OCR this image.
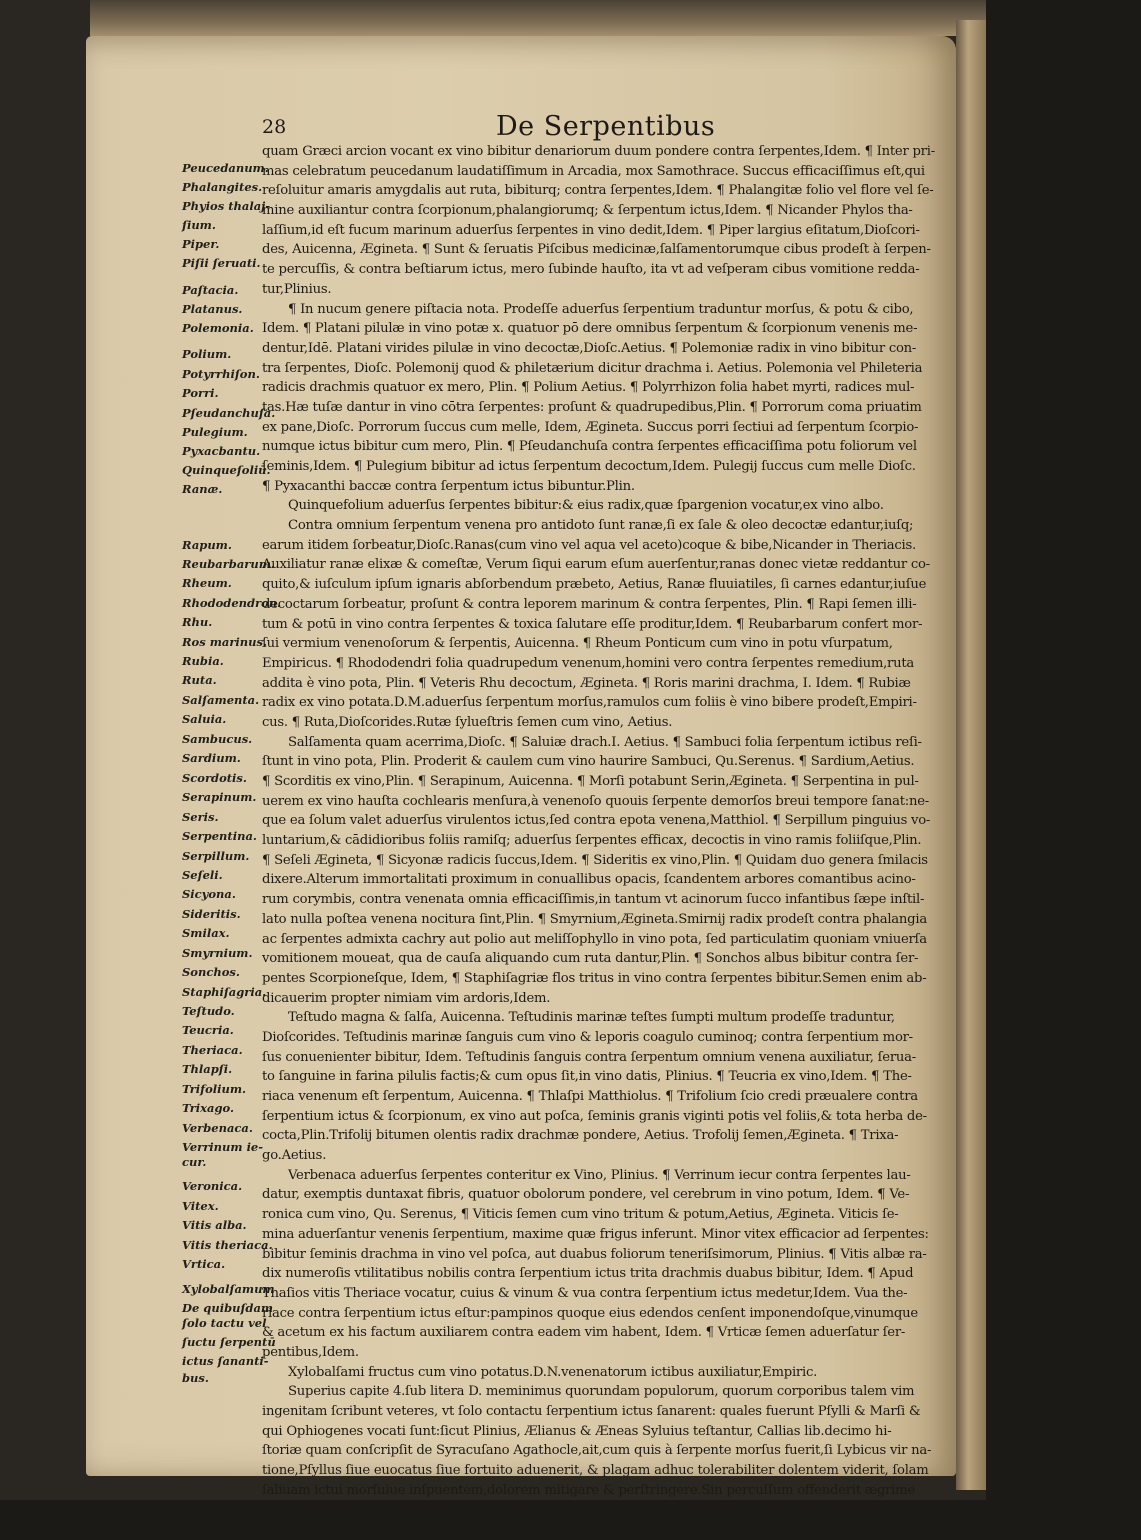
28	De Serpentibus
Peucedanum.
Phalangites.
Phyios thalaj-
ſium.
Piper.
Piſii ſeruati.
Paſtacia.
Platanus.
Polemonia.
Polium.
Potyrrhiſon.
Porri.
Pſeudanchuſa.
Pulegium.
Pyxacbantu.
Quinqueſoliū.
Ranæ.
Rapum.
Reubarbarum.
Rheum.
Rhododendron.
Rhu.
Ros marinus.
Rubia.
Ruta.
Salſamenta.
Saluia.
Sambucus.
Sardium.
Scordotis.
Serapinum.
Seris.
Serpentina.
Serpillum.
Seſeli.
Sicyona.
Sideritis.
Smilax.
Smyrnium.
Sonchos.
Staphiſagria.
Teſtudo.
Teucria.
Theriaca.
Thlapſi.
Trifolium.
Trixago.
Verbenaca.
Verrinum ie-
cur.
Veronica.
Vitex.
Vitis alba.
Vitis theriaca.
Vrtica.
Xylobalſamum
De quibuſdam
ſolo tactu vel
ſuctu ſerpentū
ictus ſananti-
bus.
10
20
30
40
50
60
70
quam Græci arcion vocant ex vino bibitur denariorum duum pondere contra ſerpentes,Idem. ¶ Inter pri-
mas celebratum peucedanum laudatiſſimum in Arcadia, mox Samothrace. Succus efficaciſſimus eſt,qui
reſoluitur amaris amygdalis aut ruta, bibiturq; contra ſerpentes,Idem. ¶ Phalangitæ folio vel flore vel ſe-
mine auxiliantur contra ſcorpionum,phalangiorumq; & ſerpentum ictus,Idem. ¶ Nicander Phylos tha-
laſſium,id eſt fucum marinum aduerſus ſerpentes in vino dedit,Idem. ¶ Piper largius eſitatum,Dioſcori-
des, Auicenna, Ægineta. ¶ Sunt & ſeruatis Piſcibus medicinæ,ſalſamentorumque cibus prodeſt à ſerpen-
te percuſſis, & contra beſtiarum ictus, mero ſubinde hauſto, ita vt ad veſperam cibus vomitione redda-
tur,Plinius.
¶ In nucum genere piſtacia nota. Prodeſſe aduerſus ſerpentium traduntur morſus, & potu & cibo,
Idem. ¶ Platani pilulæ in vino potæ x. quatuor pō dere omnibus ſerpentum & ſcorpionum venenis me-
dentur,Idē. Platani virides pilulæ in vino decoctæ,Dioſc.Aetius. ¶ Polemoniæ radix in vino bibitur con-
tra ſerpentes, Dioſc. Polemonij quod & philetærium dicitur drachma i. Aetius. Polemonia vel Phileteria
radicis drachmis quatuor ex mero, Plin. ¶ Polium Aetius. ¶ Polyrrhizon folia habet myrti, radices mul-
tas.Hæ tuſæ dantur in vino cōtra ſerpentes: proſunt & quadrupedibus,Plin. ¶ Porrorum coma priuatim
ex pane,Dioſc. Porrorum ſuccus cum melle, Idem, Ægineta. Succus porri ſectiui ad ſerpentum ſcorpio-
numque ictus bibitur cum mero, Plin. ¶ Pſeudanchuſa contra ſerpentes efficaciſſima potu foliorum vel
ſeminis,Idem. ¶ Pulegium bibitur ad ictus ſerpentum decoctum,Idem. Pulegij ſuccus cum melle Dioſc.
¶ Pyxacanthi baccæ contra ſerpentum ictus bibuntur.Plin.
Quinquefolium aduerſus ſerpentes bibitur:& eius radix,quæ ſpargenion vocatur,ex vino albo.
Contra omnium ſerpentum venena pro antidoto ſunt ranæ,ſi ex ſale & oleo decoctæ edantur,iuſq;
earum itidem ſorbeatur,Dioſc.Ranas(cum vino vel aqua vel aceto)coque & bibe,Nicander in Theriacis.
Auxiliatur ranæ elixæ & comeſtæ, Verum ſiqui earum eſum auerſentur,ranas donec vietæ reddantur co-
quito,& iuſculum ipſum ignaris abſorbendum præbeto, Aetius, Ranæ fluuiatiles, ſi carnes edantur,iuſue
decoctarum ſorbeatur, proſunt & contra leporem marinum & contra ſerpentes, Plin. ¶ Rapi ſemen illi-
tum & potū in vino contra ſerpentes & toxica ſalutare eſſe proditur,Idem. ¶ Reubarbarum confert mor-
ſui vermium venenoſorum & ſerpentis, Auicenna. ¶ Rheum Ponticum cum vino in potu vſurpatum,
Empiricus. ¶ Rhododendri folia quadrupedum venenum,homini vero contra ſerpentes remedium,ruta
addita è vino pota, Plin. ¶ Veteris Rhu decoctum, Ægineta. ¶ Roris marini drachma, I. Idem. ¶ Rubiæ
radix ex vino potata.D.M.aduerſus ſerpentum morſus,ramulos cum foliis è vino bibere prodeſt,Empiri-
cus. ¶ Ruta,Dioſcorides.Rutæ ſylueſtris ſemen cum vino, Aetius.
Salſamenta quam acerrima,Dioſc. ¶ Saluiæ drach.I. Aetius. ¶ Sambuci folia ſerpentum ictibus reſi-
ſtunt in vino pota, Plin. Proderit & caulem cum vino haurire Sambuci, Qu.Serenus. ¶ Sardium,Aetius.
¶ Scorditis ex vino,Plin. ¶ Serapinum, Auicenna. ¶ Morſi potabunt Serin,Ægineta. ¶ Serpentina in pul-
uerem ex vino hauſta cochlearis menſura,à venenoſo quouis ſerpente demorſos breui tempore ſanat:ne-
que ea ſolum valet aduerſus virulentos ictus,ſed contra epota venena,Matthiol. ¶ Serpillum pinguius vo-
luntarium,& cādidioribus foliis ramiſq; aduerſus ſerpentes efficax, decoctis in vino ramis foliiſque,Plin.
¶ Seſeli Ægineta, ¶ Sicyonæ radicis ſuccus,Idem. ¶ Sideritis ex vino,Plin. ¶ Quidam duo genera ſmilacis
dixere.Alterum immortalitati proximum in conuallibus opacis, ſcandentem arbores comantibus acino-
rum corymbis, contra venenata omnia efficaciſſimis,in tantum vt acinorum ſucco infantibus ſæpe inſtil-
lato nulla poſtea venena nocitura ſint,Plin. ¶ Smyrnium,Ægineta.Smirnij radix prodeſt contra phalangia
ac ſerpentes admixta cachry aut polio aut meliſſophyllo in vino pota, ſed particulatim quoniam vniuerſa
vomitionem moueat, qua de cauſa aliquando cum ruta dantur,Plin. ¶ Sonchos albus bibitur contra ſer-
pentes Scorpioneſque, Idem, ¶ Staphiſagriæ flos tritus in vino contra ſerpentes bibitur.Semen enim ab-
dicauerim propter nimiam vim ardoris,Idem.
Teſtudo magna & ſalſa, Auicenna. Teſtudinis marinæ teſtes ſumpti multum prodeſſe traduntur,
Dioſcorides. Teſtudinis marinæ ſanguis cum vino & leporis coagulo cuminoq; contra ſerpentium mor-
ſus conuenienter bibitur, Idem. Teſtudinis ſanguis contra ſerpentum omnium venena auxiliatur, ſerua-
to ſanguine in farina pilulis factis;& cum opus ſit,in vino datis, Plinius. ¶ Teucria ex vino,Idem. ¶ The-
riaca venenum eſt ſerpentum, Auicenna. ¶ Thlaſpi Matthiolus. ¶ Trifolium ſcio credi præualere contra
ſerpentium ictus & ſcorpionum, ex vino aut poſca, ſeminis granis viginti potis vel foliis,& tota herba de-
cocta,Plin.Trifolij bitumen olentis radix drachmæ pondere, Aetius. Trofolij ſemen,Ægineta. ¶ Trixa-
go.Aetius.
Verbenaca aduerſus ſerpentes conteritur ex Vino, Plinius. ¶ Verrinum iecur contra ſerpentes lau-
datur, exemptis duntaxat fibris, quatuor obolorum pondere, vel cerebrum in vino potum, Idem. ¶ Ve-
ronica cum vino, Qu. Serenus, ¶ Viticis ſemen cum vino tritum & potum,Aetius, Ægineta. Viticis ſe-
mina aduerſantur venenis ſerpentium, maxime quæ frigus inferunt. Minor vitex efficacior ad ſerpentes:
bibitur ſeminis drachma in vino vel poſca, aut duabus foliorum teneriſsimorum, Plinius. ¶ Vitis albæ ra-
dix numeroſis vtilitatibus nobilis contra ſerpentium ictus trita drachmis duabus bibitur, Idem. ¶ Apud
Thaſios vitis Theriace vocatur, cuius & vinum & vua contra ſerpentium ictus medetur,Idem. Vua the-
riace contra ſerpentium ictus eſtur:pampinos quoque eius edendos cenſent imponendoſque,vinumque
& acetum ex his factum auxiliarem contra eadem vim habent, Idem. ¶ Vrticæ ſemen aduerſatur ſer-
pentibus,Idem.
Xylobalſami fructus cum vino potatus.D.N.venenatorum ictibus auxiliatur,Empiric.
Superius capite 4.ſub litera D. meminimus quorundam populorum, quorum corporibus talem vim
ingenitam ſcribunt veteres, vt ſolo contactu ſerpentium ictus ſanarent: quales fuerunt Pſylli & Marſi &
qui Ophiogenes vocati ſunt:ſicut Plinius, Ælianus & Æneas Syluius teſtantur, Callias lib.decimo hi-
ſtoriæ quam conſcripſit de Syracuſano Agathocle,ait,cum quis à ſerpente morſus fuerit,ſi Lybicus vir na-
tione,Pſyllus ſiue euocatus ſiue fortuito aduenerit, & plagam adhuc tolerabiliter dolentem viderit, ſolam
ſaliuam ictui morſuiue inſpuentem,dolorem mitigare & perſtringere.Sin percuſſum offenderit ægrime
dolentem, intra dentes permultam aquam haurire, & os ſuum primo ex ea colluere,poſt vero eam in po-
culum
